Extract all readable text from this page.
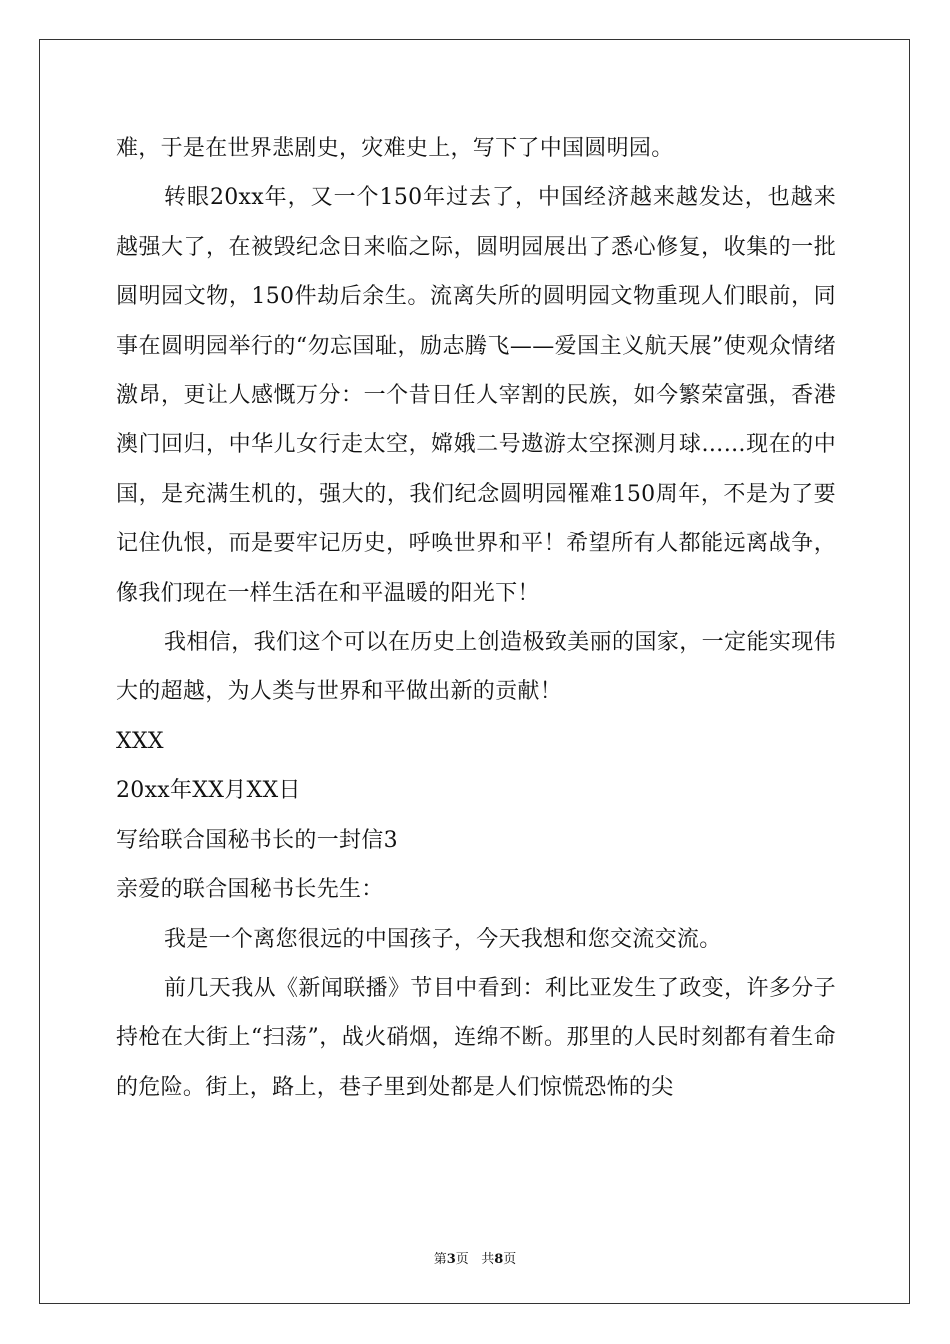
难，于是在世界悲剧史，灾难史上，写下了中国圆明园。

转眼20xx年，又一个150年过去了，中国经济越来越发达，也越来越强大了，在被毁纪念日来临之际，圆明园展出了悉心修复，收集的一批圆明园文物，150件劫后余生。流离失所的圆明园文物重现人们眼前，同事在圆明园举行的“勿忘国耻，励志腾飞——爱国主义航天展”使观众情绪激昂，更让人感慨万分：一个昔日任人宰割的民族，如今繁荣富强，香港澳门回归，中华儿女行走太空，嫦娥二号遨游太空探测月球……现在的中国，是充满生机的，强大的，我们纪念圆明园罹难150周年，不是为了要记住仇恨，而是要牢记历史，呼唤世界和平！希望所有人都能远离战争，像我们现在一样生活在和平温暖的阳光下！

我相信，我们这个可以在历史上创造极致美丽的国家，一定能实现伟大的超越，为人类与世界和平做出新的贡献！

XXX

20xx年XX月XX日

写给联合国秘书长的一封信3

亲爱的联合国秘书长先生：

我是一个离您很远的中国孩子，今天我想和您交流交流。

前几天我从《新闻联播》节目中看到：利比亚发生了政变，许多分子持枪在大街上“扫荡”，战火硝烟，连绵不断。那里的人民时刻都有着生命的危险。街上，路上，巷子里到处都是人们惊慌恐怖的尖

第3页   共8页
